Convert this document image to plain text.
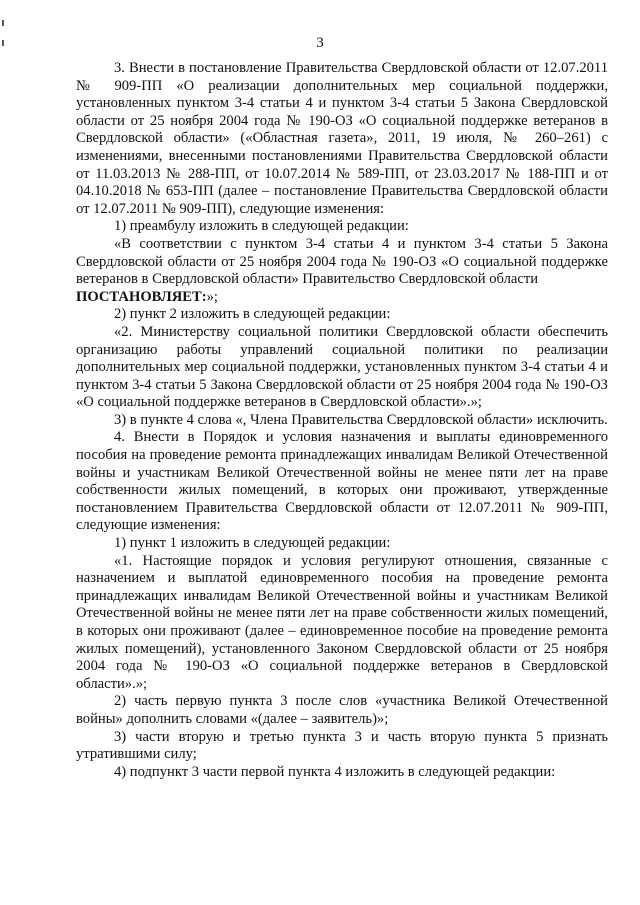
3

3. Внести в постановление Правительства Свердловской области от 12.07.2011 № 909-ПП «О реализации дополнительных мер социальной поддержки, установленных пунктом 3-4 статьи 4 и пунктом 3-4 статьи 5 Закона Свердловской области от 25 ноября 2004 года № 190-ОЗ «О социальной поддержке ветеранов в Свердловской области» («Областная газета», 2011, 19 июля, № 260–261) с изменениями, внесенными постановлениями Правительства Свердловской области от 11.03.2013 № 288-ПП, от 10.07.2014 № 589-ПП, от 23.03.2017 № 188-ПП и от 04.10.2018 № 653-ПП (далее – постановление Правительства Свердловской области от 12.07.2011 № 909-ПП), следующие изменения:

1) преамбулу изложить в следующей редакции:

«В соответствии с пунктом 3-4 статьи 4 и пунктом 3-4 статьи 5 Закона Свердловской области от 25 ноября 2004 года № 190-ОЗ «О социальной поддержке ветеранов в Свердловской области» Правительство Свердловской области

ПОСТАНОВЛЯЕТ:»;

2) пункт 2 изложить в следующей редакции:

«2. Министерству социальной политики Свердловской области обеспечить организацию работы управлений социальной политики по реализации дополнительных мер социальной поддержки, установленных пунктом 3-4 статьи 4 и пунктом 3-4 статьи 5 Закона Свердловской области от 25 ноября 2004 года № 190-ОЗ «О социальной поддержке ветеранов в Свердловской области».»;

3) в пункте 4 слова «, Члена Правительства Свердловской области» исключить.

4. Внести в Порядок и условия назначения и выплаты единовременного пособия на проведение ремонта принадлежащих инвалидам Великой Отечественной войны и участникам Великой Отечественной войны не менее пяти лет на праве собственности жилых помещений, в которых они проживают, утвержденные постановлением Правительства Свердловской области от 12.07.2011 № 909-ПП, следующие изменения:

1) пункт 1 изложить в следующей редакции:

«1. Настоящие порядок и условия регулируют отношения, связанные с назначением и выплатой единовременного пособия на проведение ремонта принадлежащих инвалидам Великой Отечественной войны и участникам Великой Отечественной войны не менее пяти лет на праве собственности жилых помещений, в которых они проживают (далее – единовременное пособие на проведение ремонта жилых помещений), установленного Законом Свердловской области от 25 ноября 2004 года № 190-ОЗ «О социальной поддержке ветеранов в Свердловской области».»;

2) часть первую пункта 3 после слов «участника Великой Отечественной войны» дополнить словами «(далее – заявитель)»;

3) части вторую и третью пункта 3 и часть вторую пункта 5 признать утратившими силу;

4) подпункт 3 части первой пункта 4 изложить в следующей редакции:
